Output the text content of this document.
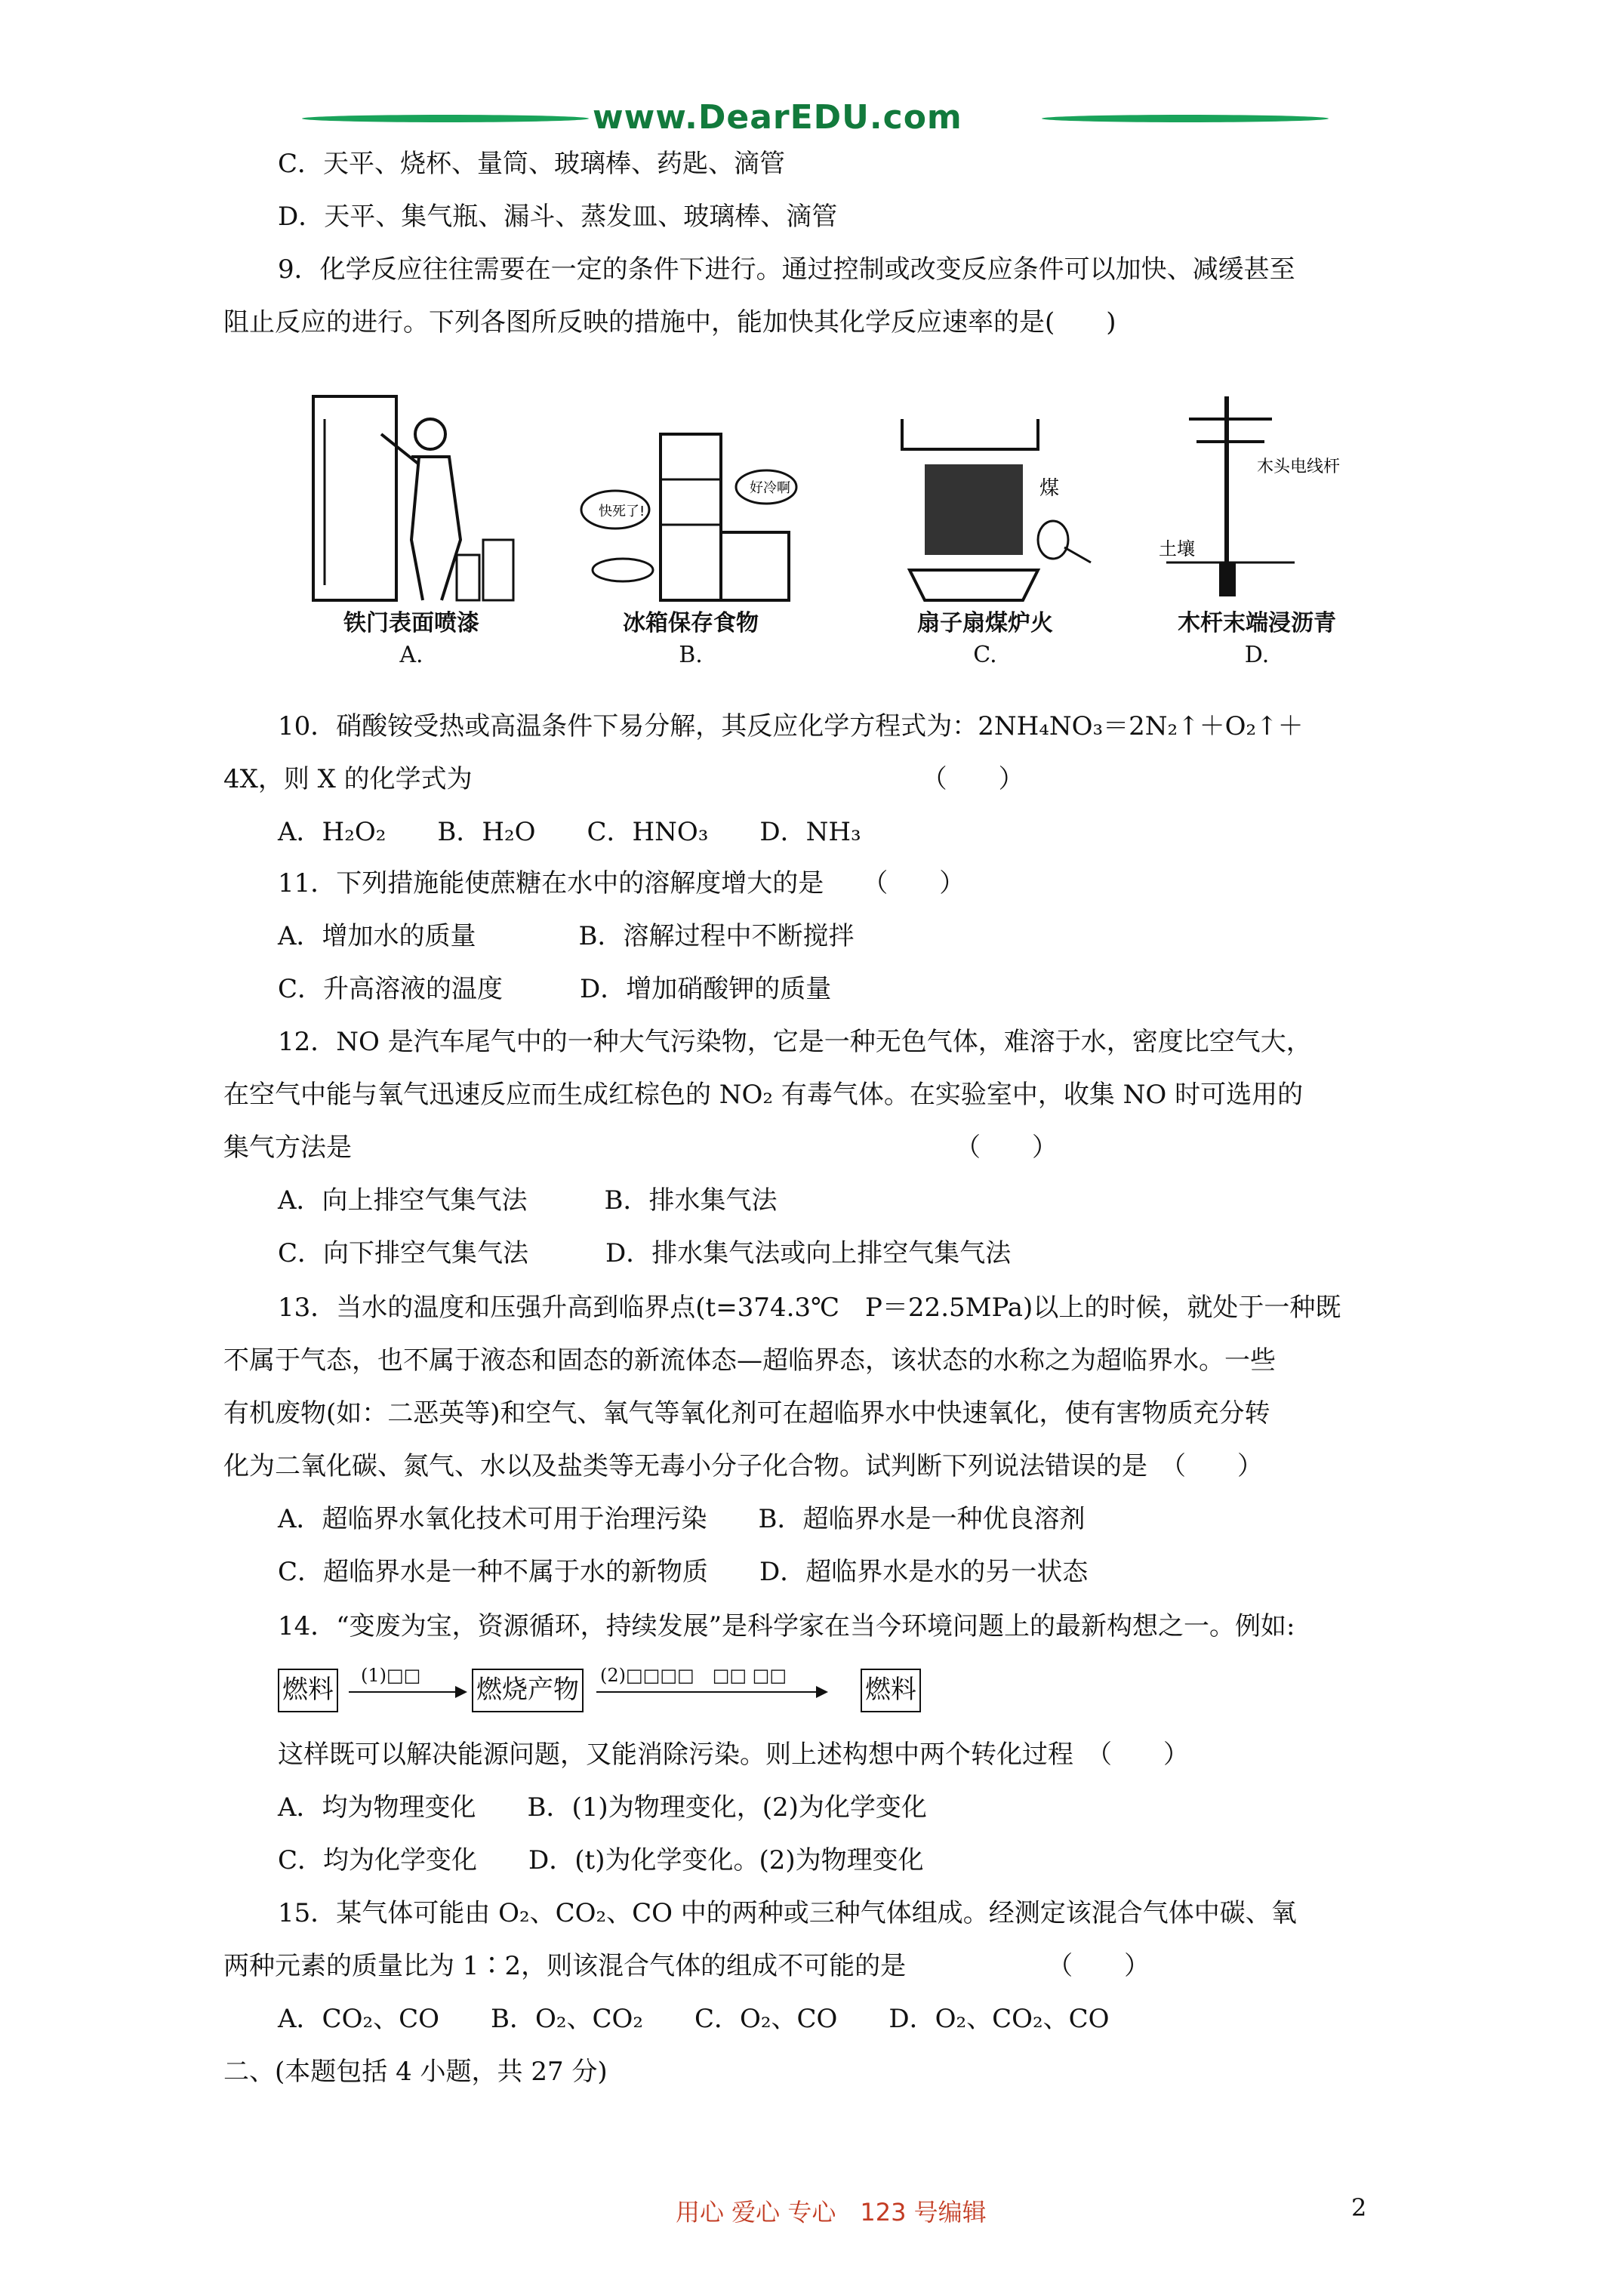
www.DearEDU.com
C．天平、烧杯、量筒、玻璃棒、药匙、滴管
D．天平、集气瓶、漏斗、蒸发皿、玻璃棒、滴管
9．化学反应往往需要在一定的条件下进行。通过控制或改变反应条件可以加快、减缓甚至
阻止反应的进行。下列各图所反映的措施中，能加快其化学反应速率的是(　　)
铁门表面喷漆
A.
快死了!
好冷啊
冰箱保存食物
B.
煤
扇子扇煤炉火
C.
木头电线杆
土壤
木杆末端浸沥青
D.
10．硝酸铵受热或高温条件下易分解，其反应化学方程式为：2NH₄NO₃＝2N₂↑＋O₂↑＋
4X，则 X 的化学式为　　　　　　　　　　　　　　　　　　（　　）
A．H₂O₂　　B．H₂O　　C．HNO₃　　D．NH₃
11．下列措施能使蔗糖在水中的溶解度增大的是　　（　　）
A．增加水的质量　　　　B．溶解过程中不断搅拌
C．升高溶液的温度　　　D．增加硝酸钾的质量
12．NO 是汽车尾气中的一种大气污染物，它是一种无色气体，难溶于水，密度比空气大，
在空气中能与氧气迅速反应而生成红棕色的 NO₂ 有毒气体。在实验室中，收集 NO 时可选用的
集气方法是　　　　　　　　　　　　　　　　　　　　　　　　（　　）
A．向上排空气集气法　　　B．排水集气法
C．向下排空气集气法　　　D．排水集气法或向上排空气集气法
13．当水的温度和压强升高到临界点(t=374.3℃　P＝22.5MPa)以上的时候，就处于一种既
不属于气态，也不属于液态和固态的新流体态—超临界态，该状态的水称之为超临界水。一些
有机废物(如：二恶英等)和空气、氧气等氧化剂可在超临界水中快速氧化，使有害物质充分转
化为二氧化碳、氮气、水以及盐类等无毒小分子化合物。试判断下列说法错误的是　（　　）
A．超临界水氧化技术可用于治理污染　　B．超临界水是一种优良溶剂
C．超临界水是一种不属于水的新物质　　D．超临界水是水的另一状态
14．“变废为宝，资源循环，持续发展”是科学家在当今环境问题上的最新构想之一。例如:
燃料 (1)□□ 燃烧产物 (2)□□□□　□□ □□	燃料
这样既可以解决能源问题，又能消除污染。则上述构想中两个转化过程　（　　）
A．均为物理变化　　B．(1)为物理变化，(2)为化学变化
C．均为化学变化　　D．(t)为化学变化。(2)为物理变化
15．某气体可能由 O₂、CO₂、CO 中的两种或三种气体组成。经测定该混合气体中碳、氧
两种元素的质量比为 1∶2，则该混合气体的组成不可能的是　　　　　　（　　）
A．CO₂、CO　　B．O₂、CO₂　　C．O₂、CO　　D．O₂、CO₂、CO
二、(本题包括 4 小题，共 27 分)
用心 爱心 专心　123 号编辑	2
